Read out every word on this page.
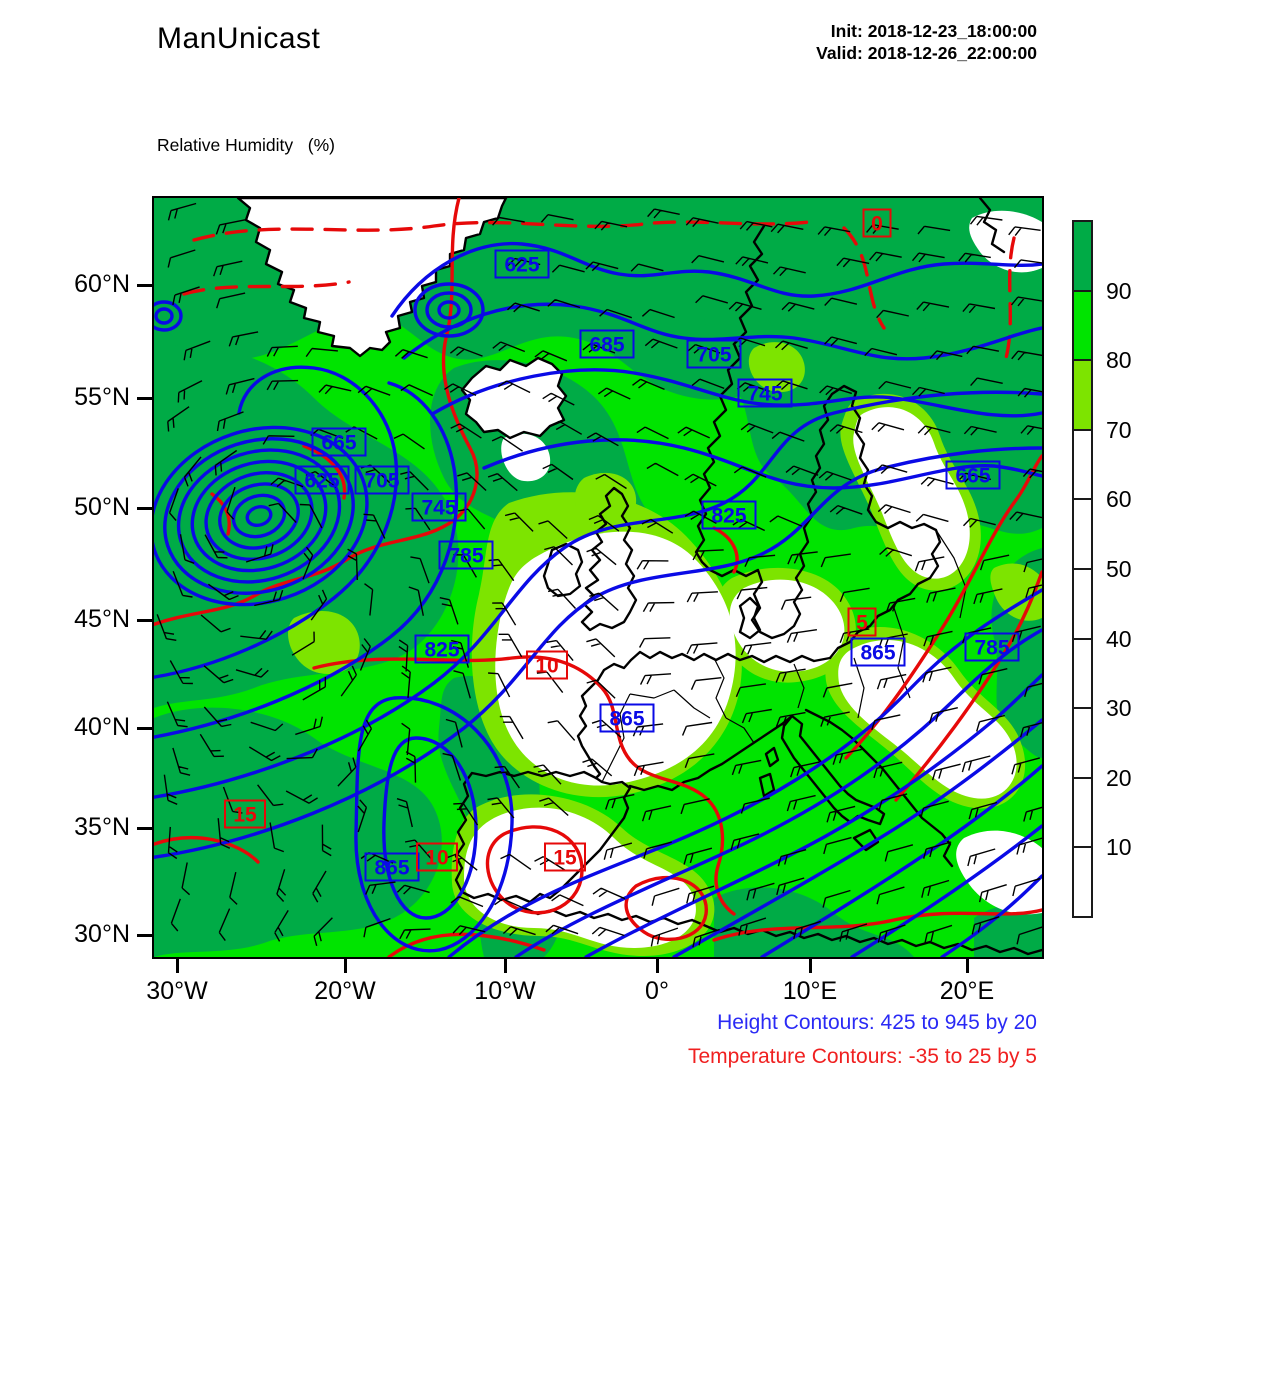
ManUnicast	Init: 2018-12-23_18:00:00
Valid: 2018-12-26_22:00:00

Relative Humidity   (%)

625
685	705
745
665
625 705
745
785
825
665
825
865
865	785
865
0
5
10
10	15
15
60°N
55°N
50°N
45°N
40°N
35°N
30°N
30°W	20°W	10°W	0°	10°E	20°E
90
80
70
60
50
40
30
20
10
Height Contours: 425 to 945 by 20
Temperature Contours: -35 to 25 by 5
